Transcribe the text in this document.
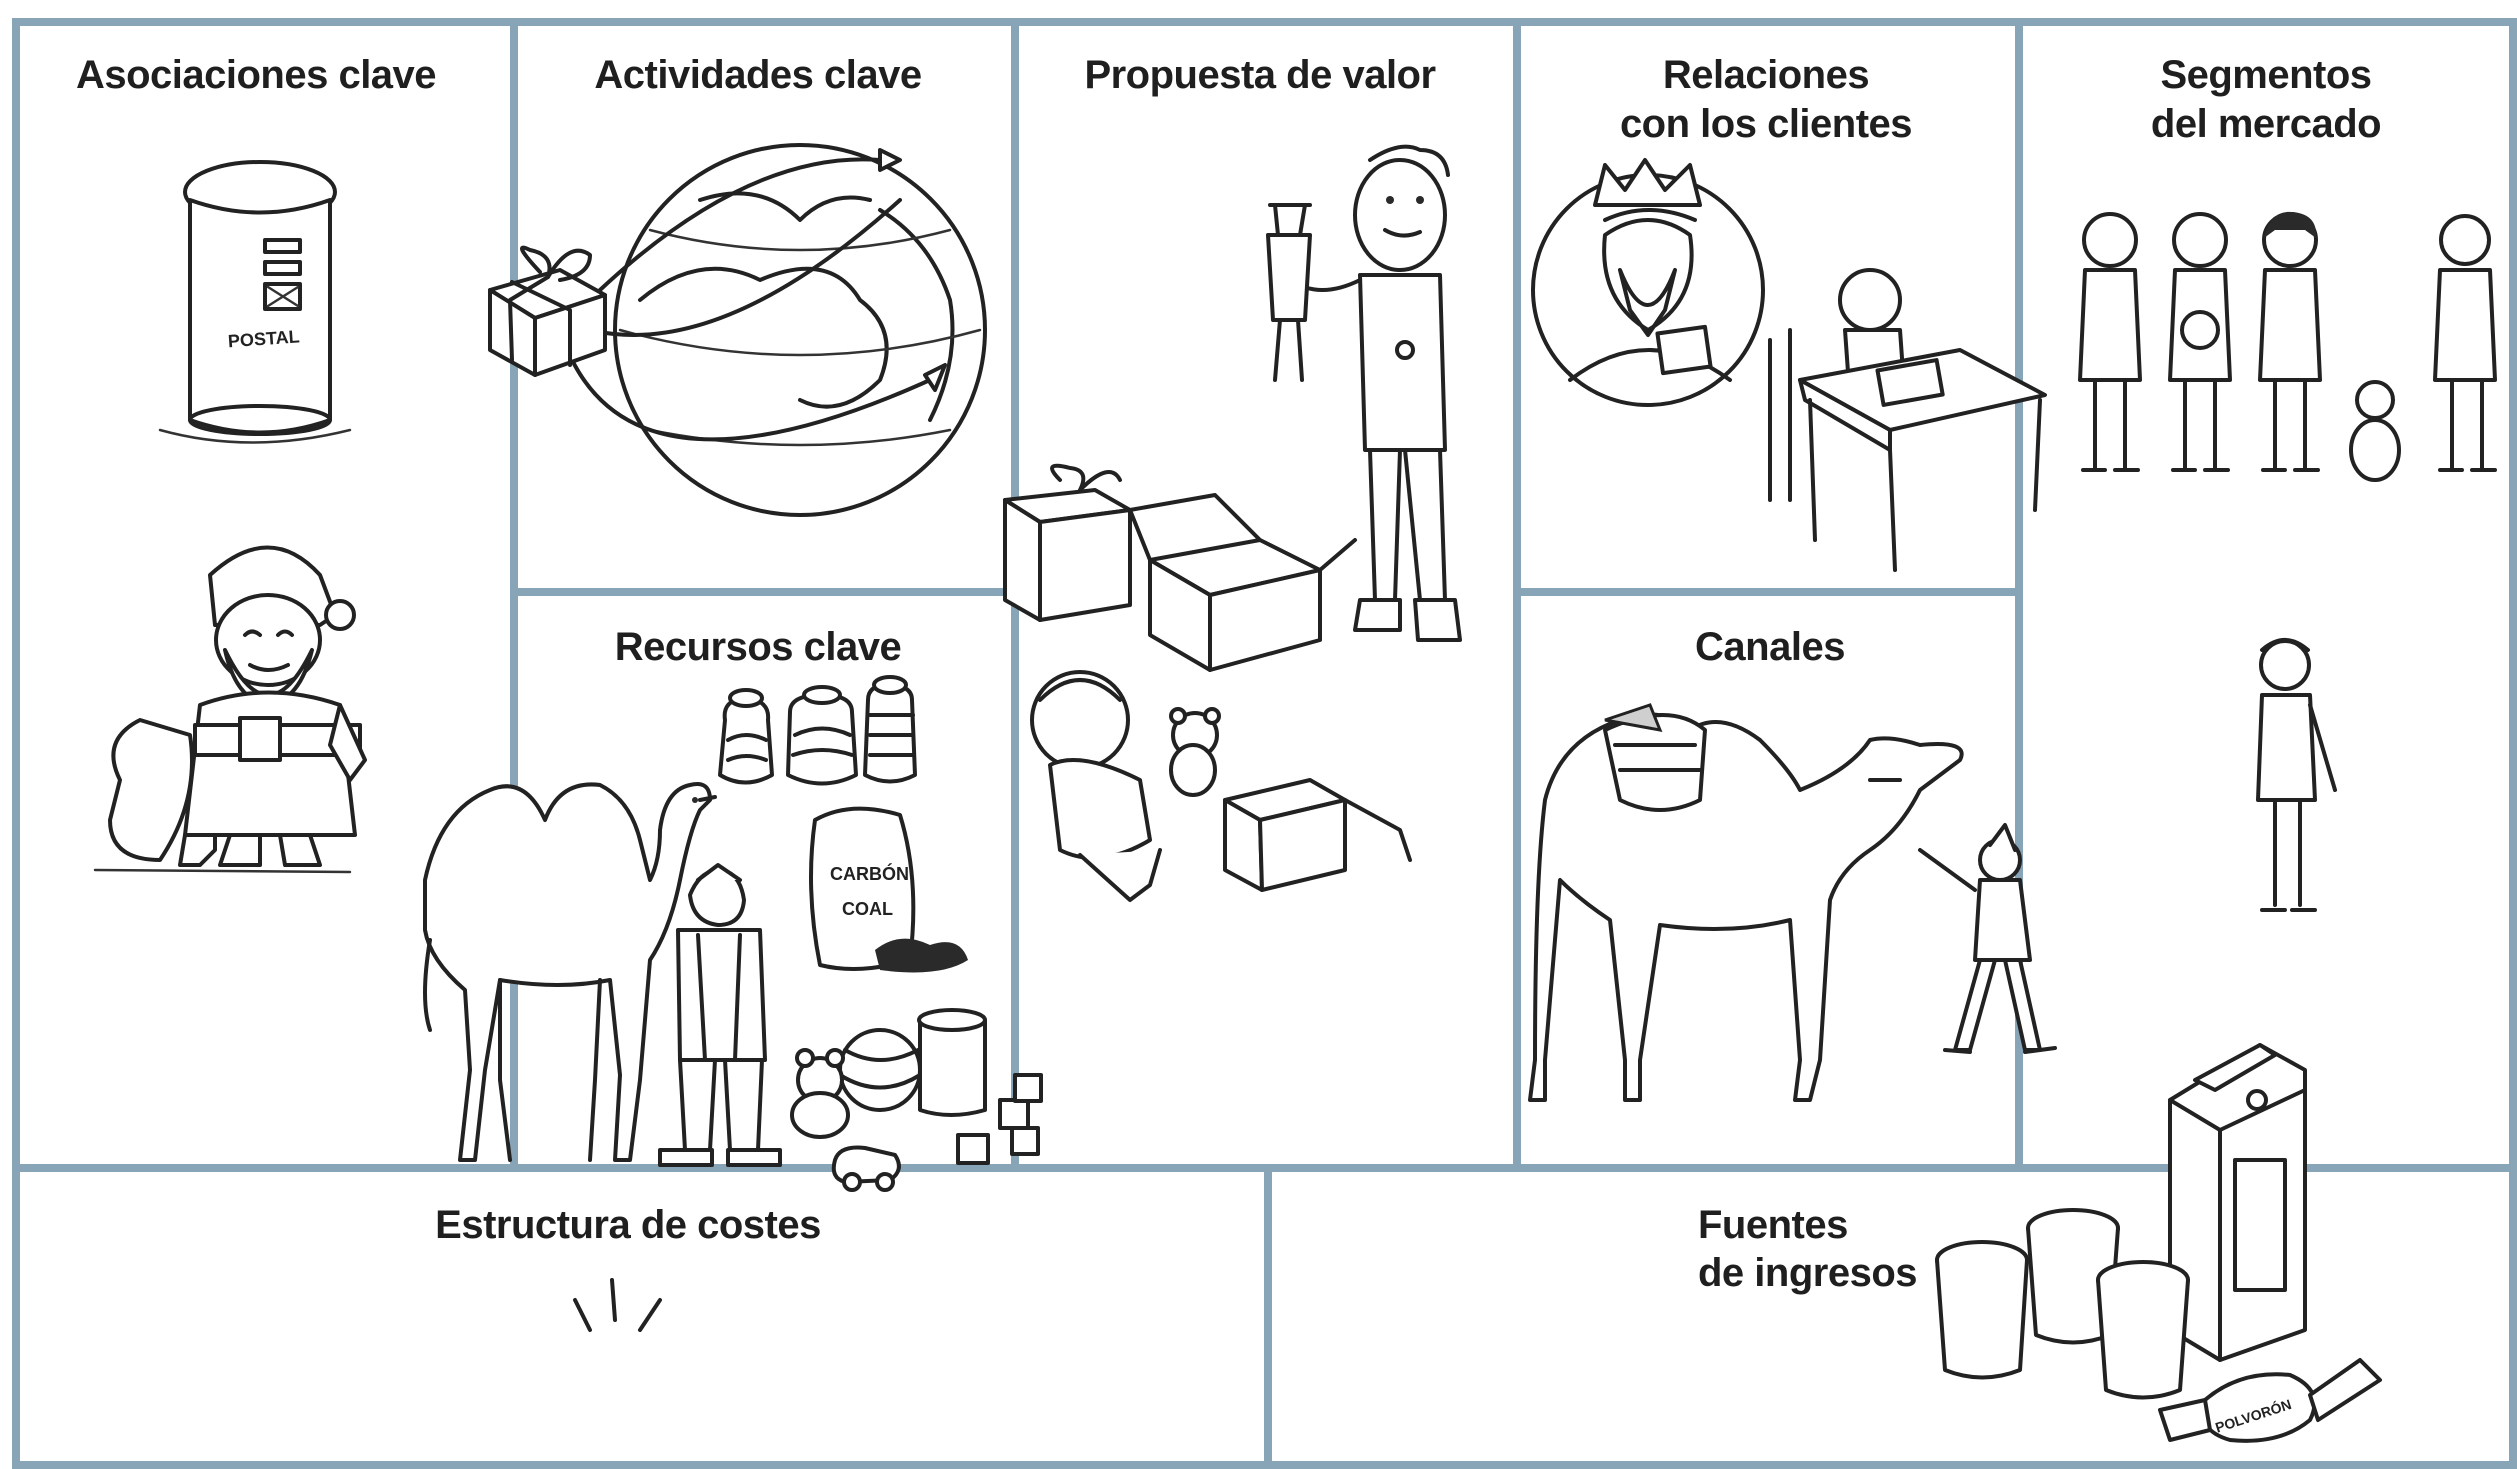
Asociaciones clave	Actividades clave	Propuesta de valor	Relaciones
con los clientes
Segmentos
del mercado
Recursos clave	Canales
Estructura de costes	Fuentes
de ingresos
POSTAL
CARBÓN
COAL
POLVORÓN
